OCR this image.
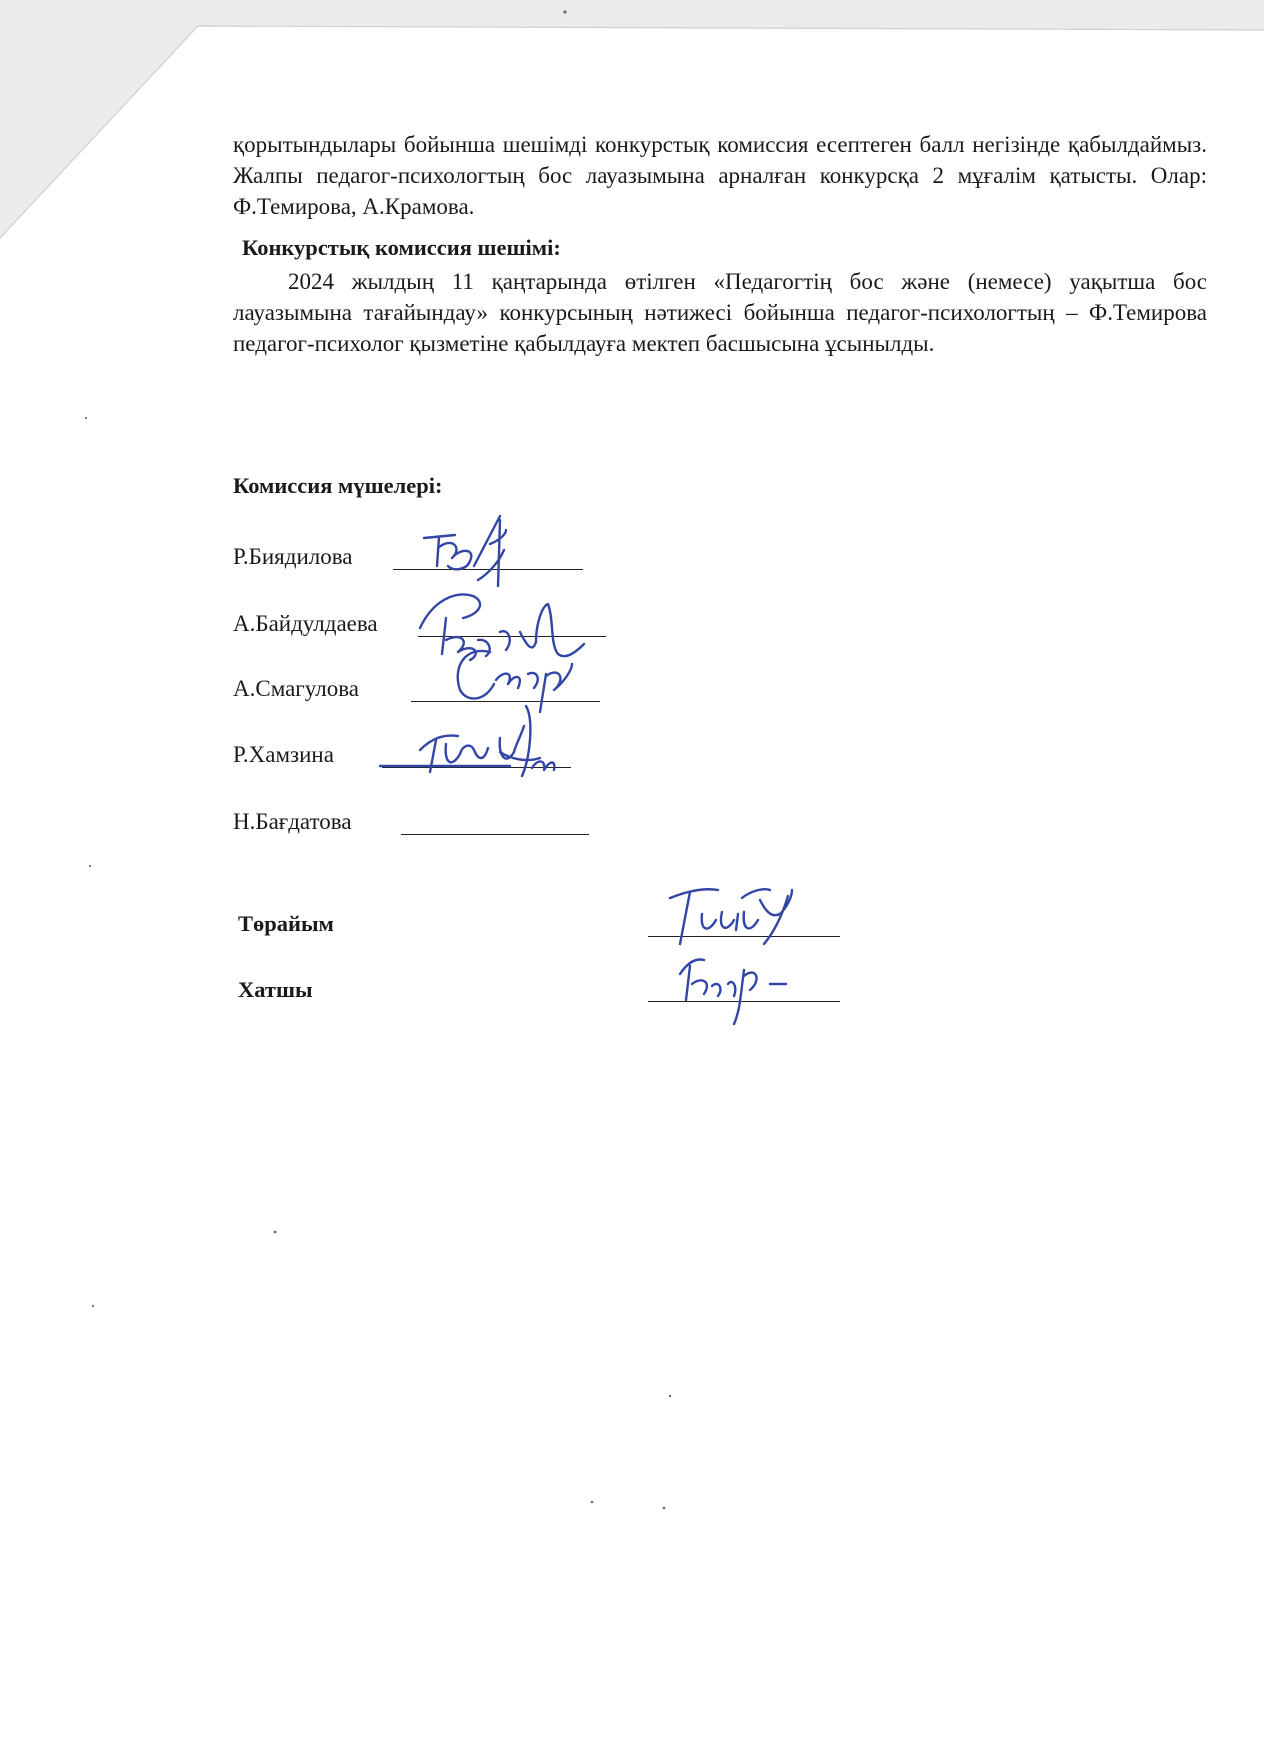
қорытындылары бойынша шешімді конкурстық комиссия есептеген балл негізінде қабылдаймыз. Жалпы педагог-психологтың бос лауазымына арналған конкурсқа 2 мұғалім қатысты. Олар: Ф.Темирова, А.Крамова.

Конкурстық комиссия шешімі:

2024 жылдың 11 қаңтарында өтілген «Педагогтің бос және (немесе) уақытша бос лауазымына тағайындау» конкурсының нәтижесі бойынша педагог-психологтың – Ф.Темирова педагог-психолог қызметіне қабылдауға мектеп басшысына ұсынылды.

Комиссия мүшелері:

Р.Биядилова
А.Байдулдаева
А.Смагулова
Р.Хамзина
Н.Бағдатова
Төрайым
Хатшы
